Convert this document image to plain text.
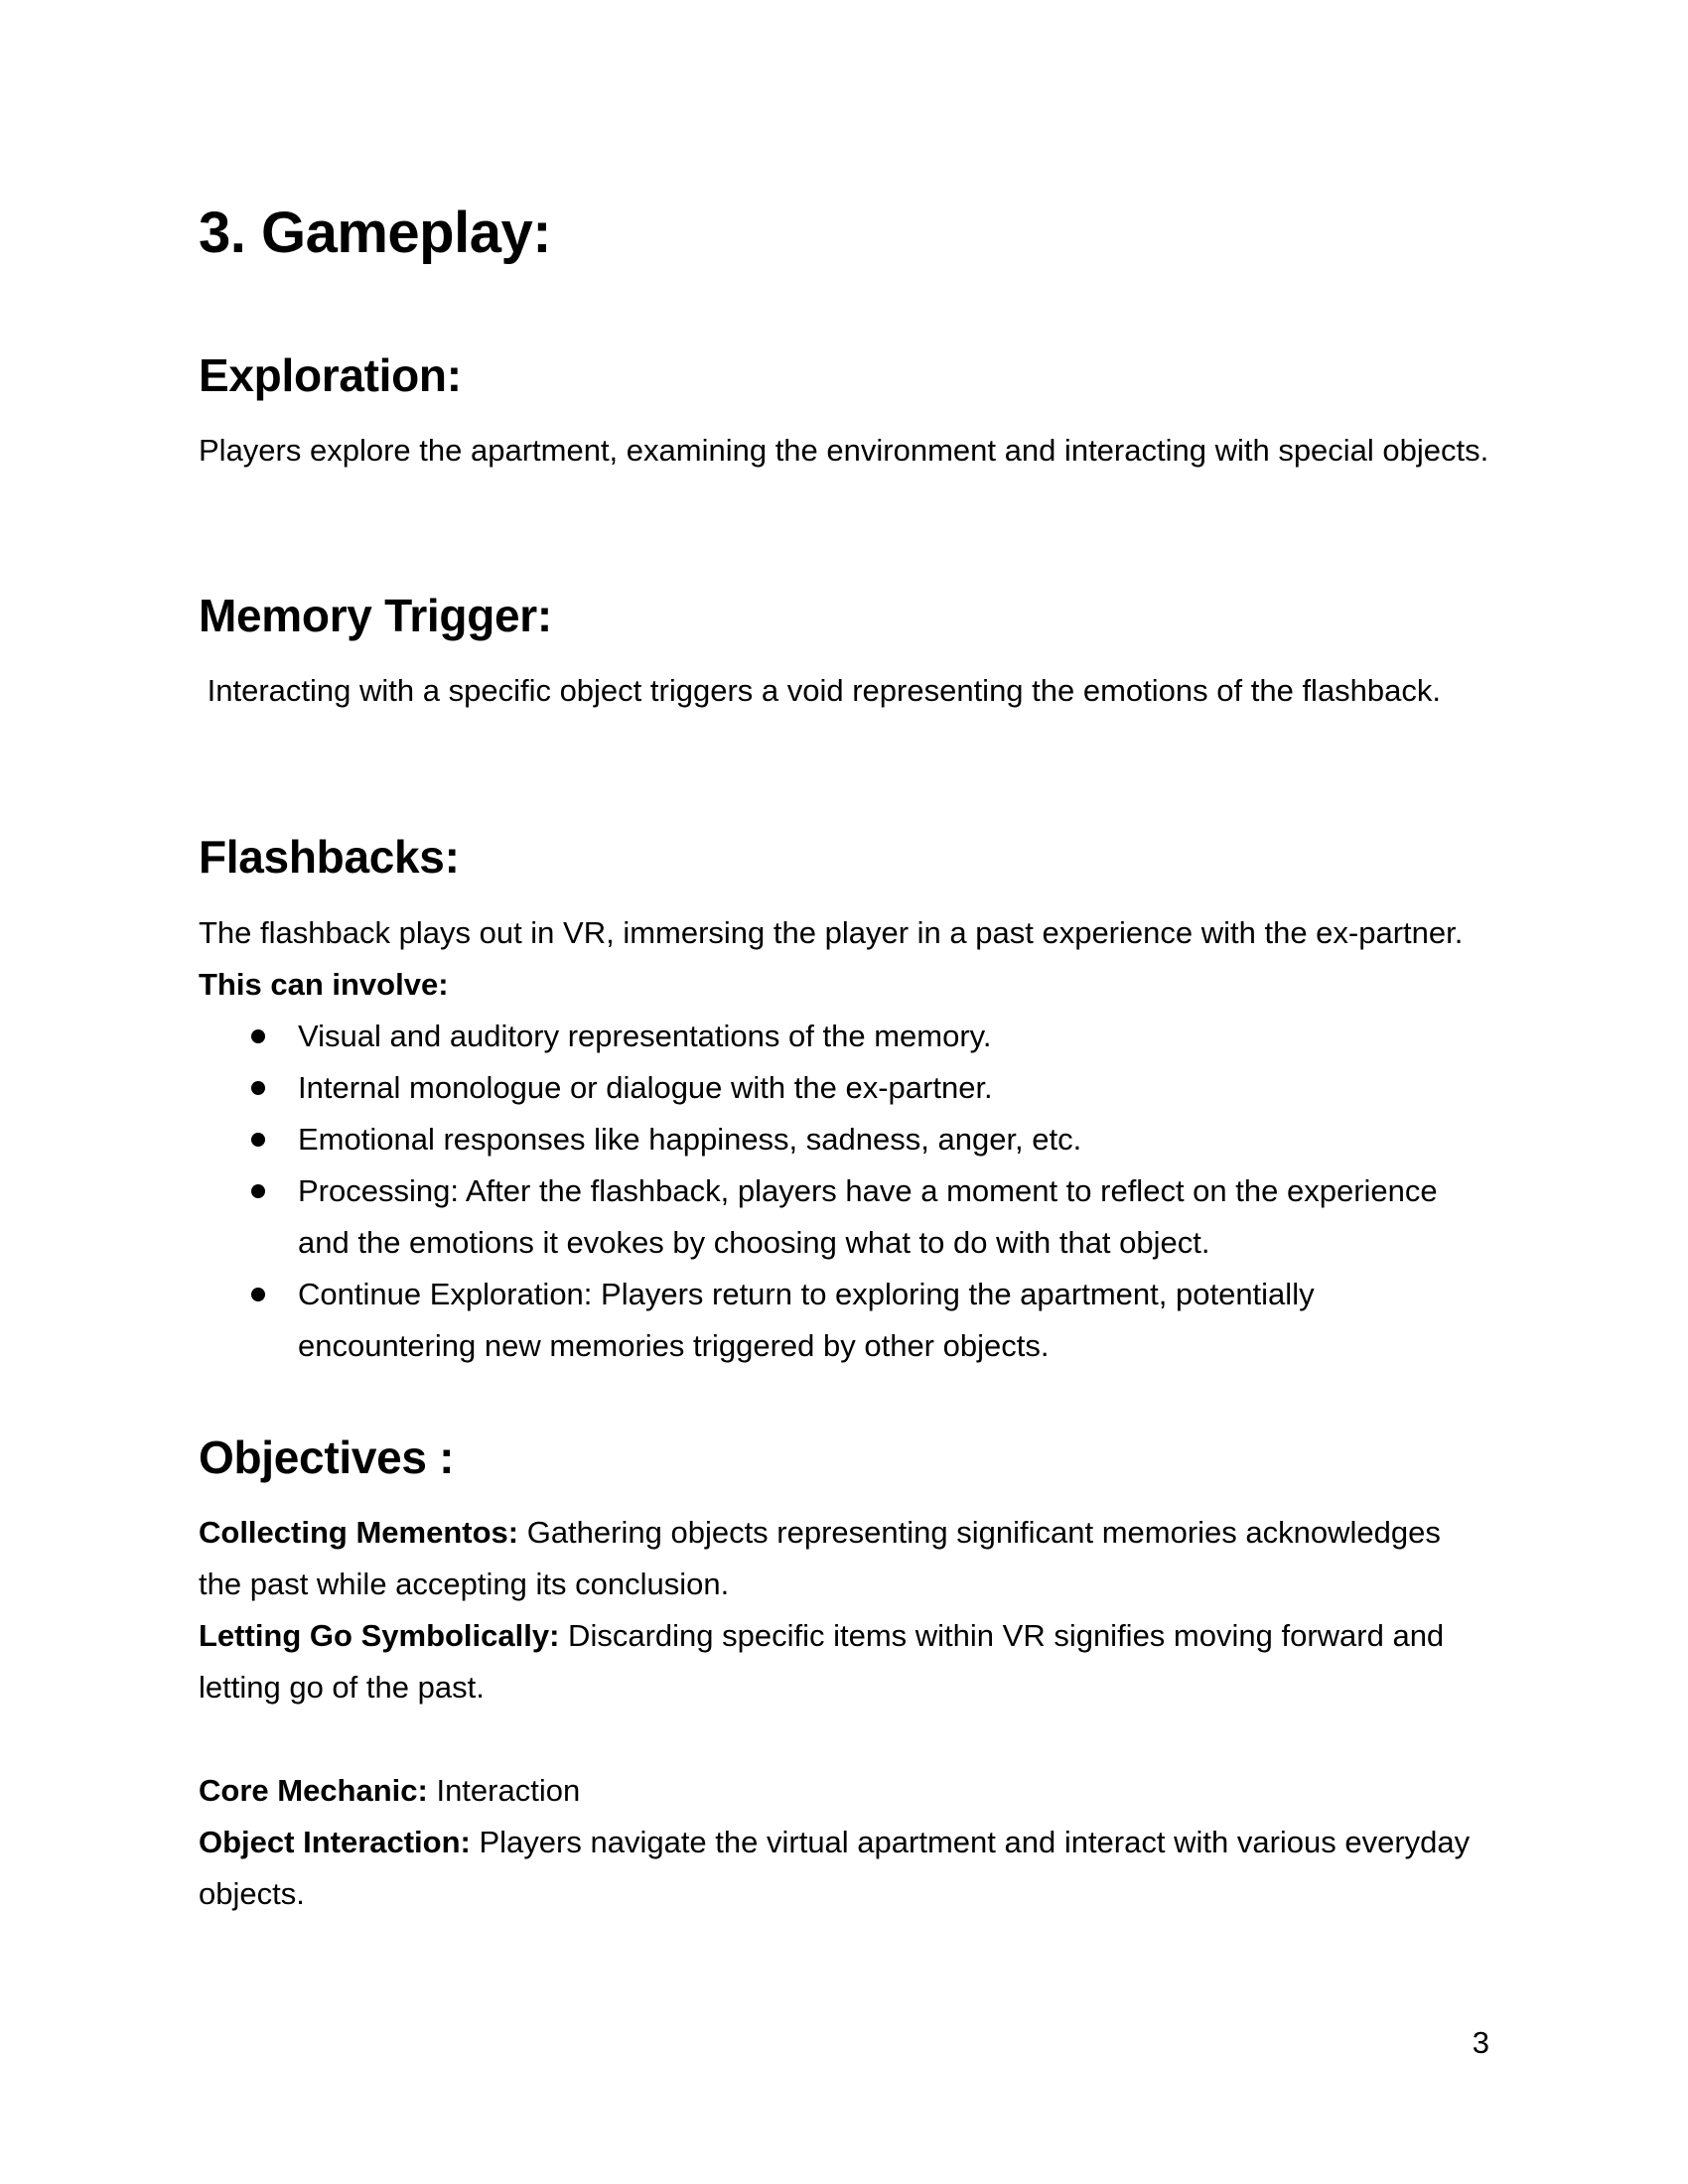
3. Gameplay:
Exploration:

Players explore the apartment, examining the environment and interacting with special objects.

Memory Trigger:

Interacting with a specific object triggers a void representing the emotions of the flashback.

Flashbacks:

The flashback plays out in VR, immersing the player in a past experience with the ex-partner. This can involve:

Visual and auditory representations of the memory.
Internal monologue or dialogue with the ex-partner.
Emotional responses like happiness, sadness, anger, etc.
Processing: After the flashback, players have a moment to reflect on the experience and the emotions it evokes by choosing what to do with that object.
Continue Exploration: Players return to exploring the apartment, potentially encountering new memories triggered by other objects.
Objectives :

Collecting Mementos: Gathering objects representing significant memories acknowledges the past while accepting its conclusion.

Letting Go Symbolically: Discarding specific items within VR signifies moving forward and letting go of the past.

Core Mechanic: Interaction

Object Interaction: Players navigate the virtual apartment and interact with various everyday objects.

3
